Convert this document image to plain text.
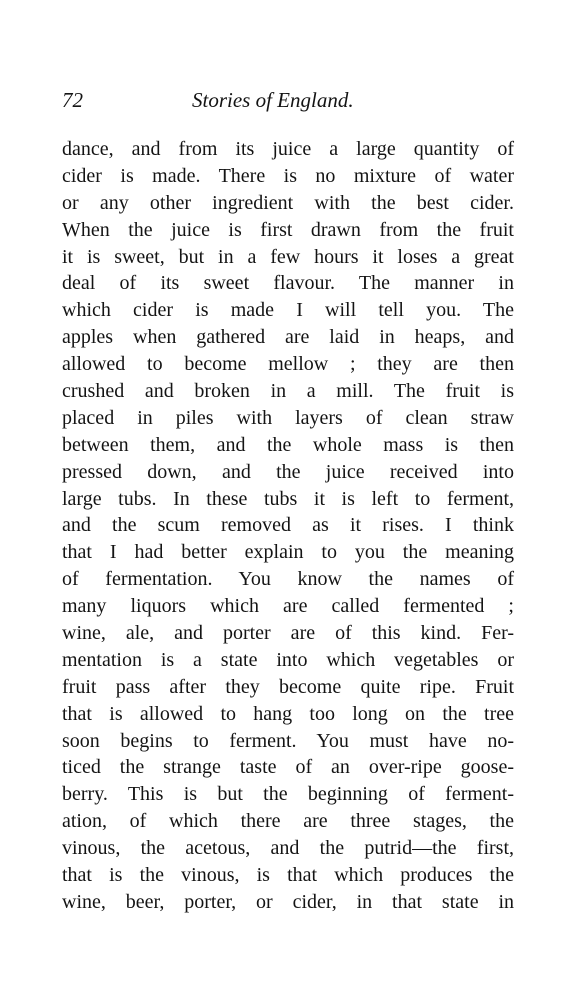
72	Stories of England.
dance, and from its juice a large quantity of
cider is made. There is no mixture of water
or any other ingredient with the best cider.
When the juice is first drawn from the fruit
it is sweet, but in a few hours it loses a great
deal of its sweet flavour. The manner in
which cider is made I will tell you. The
apples when gathered are laid in heaps, and
allowed to become mellow ; they are then
crushed and broken in a mill. The fruit is
placed in piles with layers of clean straw
between them, and the whole mass is then
pressed down, and the juice received into
large tubs. In these tubs it is left to ferment,
and the scum removed as it rises. I think
that I had better explain to you the meaning
of fermentation. You know the names of
many liquors which are called fermented ;
wine, ale, and porter are of this kind. Fer-
mentation is a state into which vegetables or
fruit pass after they become quite ripe. Fruit
that is allowed to hang too long on the tree
soon begins to ferment. You must have no-
ticed the strange taste of an over-ripe goose-
berry. This is but the beginning of ferment-
ation, of which there are three stages, the
vinous, the acetous, and the putrid—the first,
that is the vinous, is that which produces the
wine, beer, porter, or cider, in that state in
